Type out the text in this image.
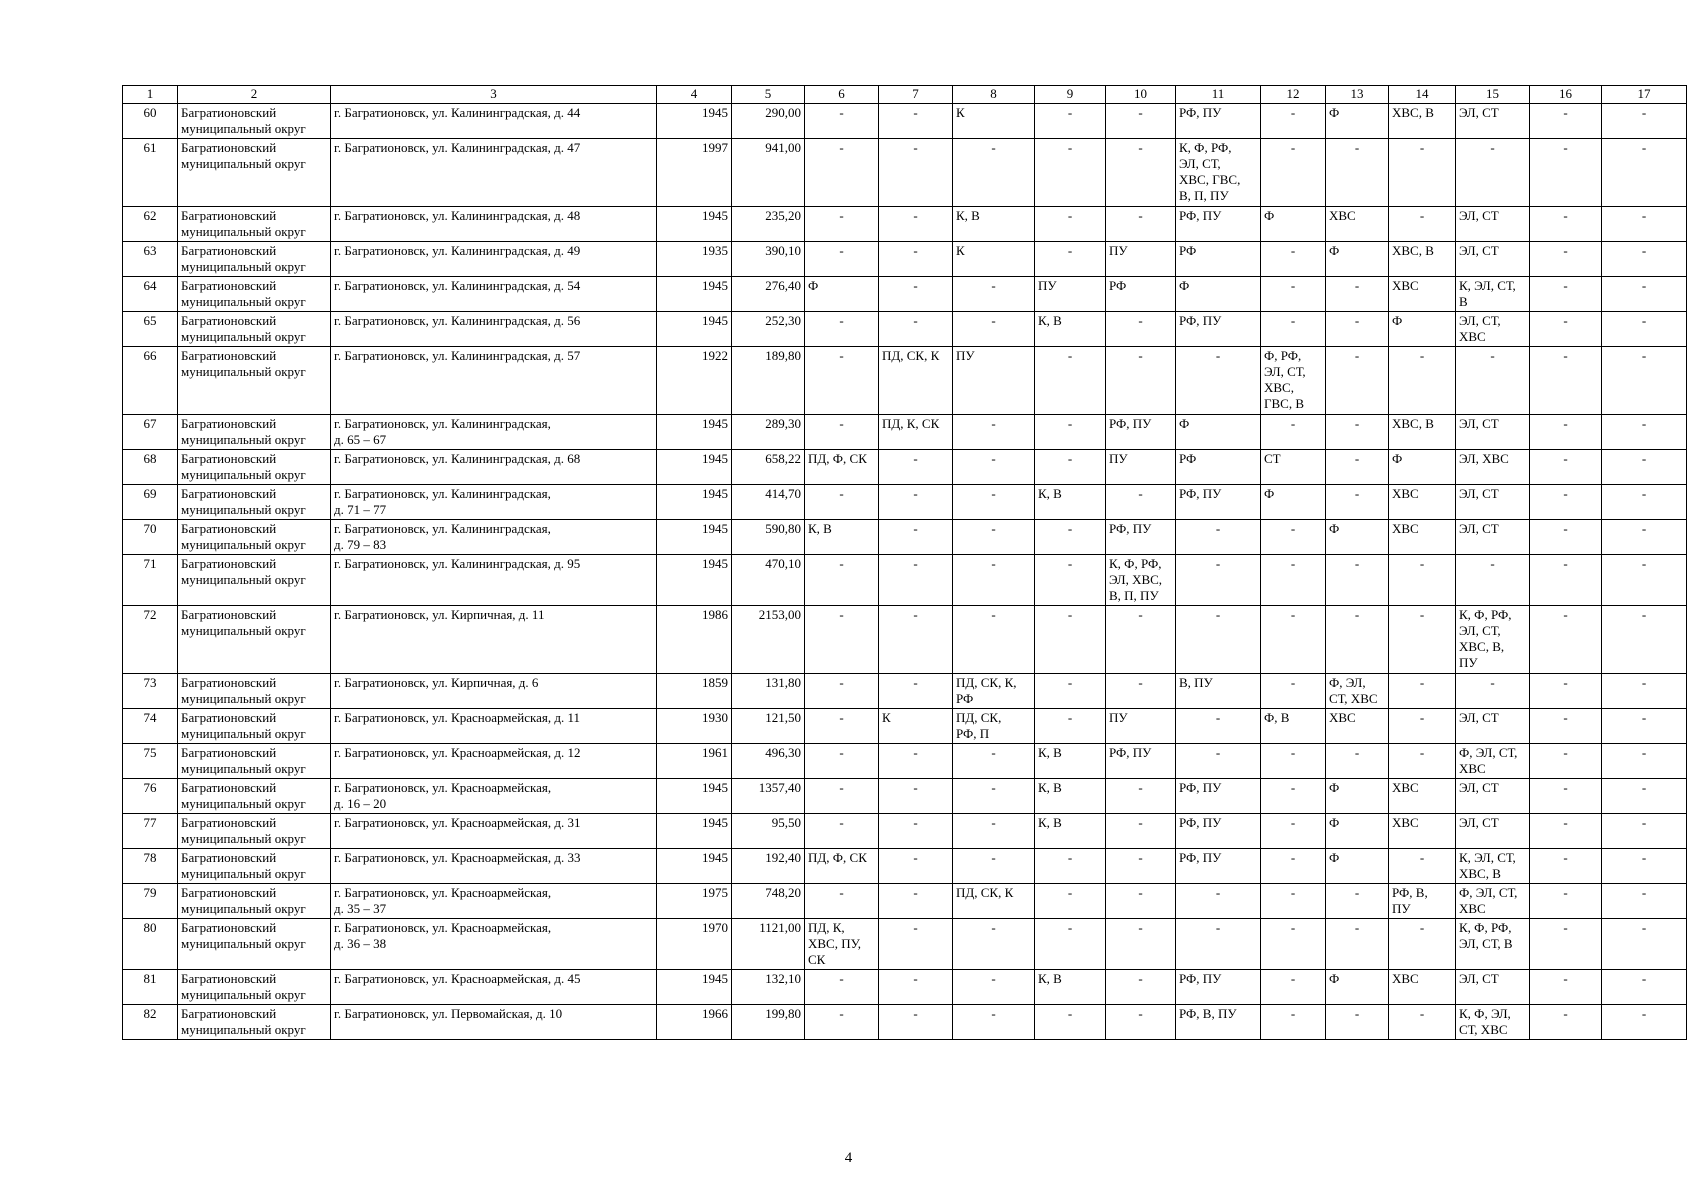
1	2	3	4	5	6	7	8	9	10	11	12	13	14	15	16	17
60	Багратионовский
муниципальный округ	г. Багратионовск, ул. Калининградская, д. 44	1945	290,00	-	-	К	-	-	РФ, ПУ	-	Ф	ХВС, В	ЭЛ, СТ	-	-
61	Багратионовский
муниципальный округ	г. Багратионовск, ул. Калининградская, д. 47	1997	941,00	-	-	-	-	-	К, Ф, РФ,
ЭЛ, СТ,
ХВС, ГВС,
В, П, ПУ	-	-	-	-	-	-
62	Багратионовский
муниципальный округ	г. Багратионовск, ул. Калининградская, д. 48	1945	235,20	-	-	К, В	-	-	РФ, ПУ	Ф	ХВС	-	ЭЛ, СТ	-	-
63	Багратионовский
муниципальный округ	г. Багратионовск, ул. Калининградская, д. 49	1935	390,10	-	-	К	-	ПУ	РФ	-	Ф	ХВС, В	ЭЛ, СТ	-	-
64	Багратионовский
муниципальный округ	г. Багратионовск, ул. Калининградская, д. 54	1945	276,40	Ф	-	-	ПУ	РФ	Ф	-	-	ХВС	К, ЭЛ, СТ,
В	-	-
65	Багратионовский
муниципальный округ	г. Багратионовск, ул. Калининградская, д. 56	1945	252,30	-	-	-	К, В	-	РФ, ПУ	-	-	Ф	ЭЛ, СТ,
ХВС	-	-
66	Багратионовский
муниципальный округ	г. Багратионовск, ул. Калининградская, д. 57	1922	189,80	-	ПД, СК, К	ПУ	-	-	-	Ф, РФ,
ЭЛ, СТ,
ХВС,
ГВС, В	-	-	-	-	-
67	Багратионовский
муниципальный округ	г. Багратионовск, ул. Калининградская,
д. 65 – 67	1945	289,30	-	ПД, К, СК	-	-	РФ, ПУ	Ф	-	-	ХВС, В	ЭЛ, СТ	-	-
68	Багратионовский
муниципальный округ	г. Багратионовск, ул. Калининградская, д. 68	1945	658,22	ПД, Ф, СК	-	-	-	ПУ	РФ	СТ	-	Ф	ЭЛ, ХВС	-	-
69	Багратионовский
муниципальный округ	г. Багратионовск, ул. Калининградская,
д. 71 – 77	1945	414,70	-	-	-	К, В	-	РФ, ПУ	Ф	-	ХВС	ЭЛ, СТ	-	-
70	Багратионовский
муниципальный округ	г. Багратионовск, ул. Калининградская,
д. 79 – 83	1945	590,80	К, В	-	-	-	РФ, ПУ	-	-	Ф	ХВС	ЭЛ, СТ	-	-
71	Багратионовский
муниципальный округ	г. Багратионовск, ул. Калининградская, д. 95	1945	470,10	-	-	-	-	К, Ф, РФ,
ЭЛ, ХВС,
В, П, ПУ	-	-	-	-	-	-	-
72	Багратионовский
муниципальный округ	г. Багратионовск, ул. Кирпичная, д. 11	1986	2153,00	-	-	-	-	-	-	-	-	-	К, Ф, РФ,
ЭЛ, СТ,
ХВС, В,
ПУ	-	-
73	Багратионовский
муниципальный округ	г. Багратионовск, ул. Кирпичная, д. 6	1859	131,80	-	-	ПД, СК, К,
РФ	-	-	В, ПУ	-	Ф, ЭЛ,
СТ, ХВС	-	-	-	-
74	Багратионовский
муниципальный округ	г. Багратионовск, ул. Красноармейская, д. 11	1930	121,50	-	К	ПД, СК,
РФ, П	-	ПУ	-	Ф, В	ХВС	-	ЭЛ, СТ	-	-
75	Багратионовский
муниципальный округ	г. Багратионовск, ул. Красноармейская, д. 12	1961	496,30	-	-	-	К, В	РФ, ПУ	-	-	-	-	Ф, ЭЛ, СТ,
ХВС	-	-
76	Багратионовский
муниципальный округ	г. Багратионовск, ул. Красноармейская,
д. 16 – 20	1945	1357,40	-	-	-	К, В	-	РФ, ПУ	-	Ф	ХВС	ЭЛ, СТ	-	-
77	Багратионовский
муниципальный округ	г. Багратионовск, ул. Красноармейская, д. 31	1945	95,50	-	-	-	К, В	-	РФ, ПУ	-	Ф	ХВС	ЭЛ, СТ	-	-
78	Багратионовский
муниципальный округ	г. Багратионовск, ул. Красноармейская, д. 33	1945	192,40	ПД, Ф, СК	-	-	-	-	РФ, ПУ	-	Ф	-	К, ЭЛ, СТ,
ХВС, В	-	-
79	Багратионовский
муниципальный округ	г. Багратионовск, ул. Красноармейская,
д. 35 – 37	1975	748,20	-	-	ПД, СК, К	-	-	-	-	-	РФ, В,
ПУ	Ф, ЭЛ, СТ,
ХВС	-	-
80	Багратионовский
муниципальный округ	г. Багратионовск, ул. Красноармейская,
д. 36 – 38	1970	1121,00	ПД, К,
ХВС, ПУ,
СК	-	-	-	-	-	-	-	-	К, Ф, РФ,
ЭЛ, СТ, В	-	-
81	Багратионовский
муниципальный округ	г. Багратионовск, ул. Красноармейская, д. 45	1945	132,10	-	-	-	К, В	-	РФ, ПУ	-	Ф	ХВС	ЭЛ, СТ	-	-
82	Багратионовский
муниципальный округ	г. Багратионовск, ул. Первомайская, д. 10	1966	199,80	-	-	-	-	-	РФ, В, ПУ	-	-	-	К, Ф, ЭЛ,
СТ, ХВС	-	-
4
